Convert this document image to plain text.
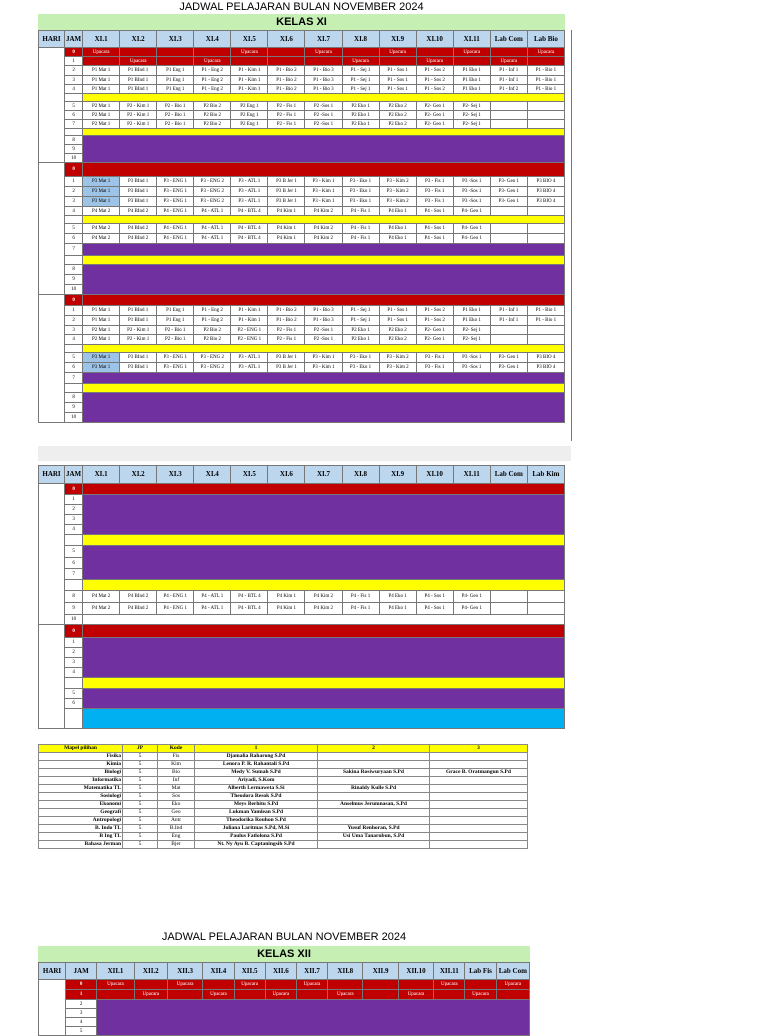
JADWAL PELAJARAN BULAN NOVEMBER 2024
KELAS XI
HARI	JAM	XI.1	XI.2	XI.3	XI.4	XI.5	XI.6	XI.7	XI.8	XI.9	XI.10	XI.11	Lab Com	Lab Bio
	0	Upacara				Upacara		Upacara		Upacara		Upacara		Upacara
	1		Upacara		Upacara				Upacara		Upacara		Upacara	
	2	P1 Mat 1	P1 BInd 1	P1 Eng 1	P1 - Eng 2	P1 - Kim 1	P1 - Bio 2	P1 - Bio 3	P1 - Sej 1	P1 - Sos 1	P1 - Sos 2	P1 Eko 1	P1 - Inf 1	P1 - Bio 1
	3	P1 Mat 1	P1 BInd 1	P1 Eng 1	P1 - Eng 2	P1 - Kim 1	P1 - Bio 2	P1 - Bio 3	P1 - Sej 1	P1 - Sos 1	P1 - Sos 2	P1 Eko 1	P1 - Inf 1	P1 - Bio 1
	4	P1 Mat 1	P1 BInd 1	P1 Eng 1	P1 - Eng 2	P1 - Kim 1	P1 - Bio 2	P1 - Bio 3	P1 - Sej 1	P1 - Sos 1	P1 - Sos 2	P1 Eko 1	P1 - Inf 2	P1 - Bio 1

	5	P2 Mat 1	P2 - Kim 1	P2 - Bio 1	P2 Bio 2	P2 Eng 1	P2 - Fis 1	P2 -Sos 1	P2 Eko 1	P2 Eko 2	P2- Geo 1	P2- Sej 1		
	6	P2 Mat 1	P2 - Kim 1	P2 - Bio 1	P2 Bio 2	P2 Eng 1	P2 - Fis 1	P2 -Sos 1	P2 Eko 1	P2 Eko 2	P2- Geo 1	P2- Sej 1		
	7	P2 Mat 1	P2 - Kim 1	P2 - Bio 1	P2 Bio 2	P2 Eng 1	P2 - Fis 1	P2 -Sos 1	P2 Eko 1	P2 Eko 2	P2- Geo 1	P2- Sej 1		

	8													
	9													
	10													
	0													
	1	P3 Mat 1	P3 BInd 1	P3 - ENG 1	P3 - ENG 2	P3 - ATL 1	P3 B Jer 1	P3 - Kim 1	P3 - Eko 1	P3 - Kim 2	P3 - Fis 1	P3 -Sos 1	P3- Geo 1	P3 BIO 4
	2	P3 Mat 1	P3 BInd 1	P3 - ENG 1	P3 - ENG 2	P3 - ATL 1	P3 B Jer 1	P3 - Kim 1	P3 - Eko 1	P3 - Kim 2	P3 - Fis 1	P3 -Sos 1	P3- Geo 1	P3 BIO 4
	3	P3 Mat 1	P3 BInd 1	P3 - ENG 1	P3 - ENG 2	P3 - ATL 1	P3 B Jer 1	P3 - Kim 1	P3 - Eko 1	P3 - Kim 2	P3 - Fis 1	P3 -Sos 1	P3- Geo 1	P3 BIO 4
	4	P4 Mat 2	P4 BInd 2	P4 - ENG 1	P4 - ATL 1	P4 - BTL 4	P4 Kim 1	P4 Kim 2	P4 - Fis 1	P4 Eko 1	P4 - Sos 1	P4- Geo 1		

	5	P4 Mat 2	P4 BInd 2	P4 - ENG 1	P4 - ATL 1	P4 - BTL 4	P4 Kim 1	P4 Kim 2	P4 - Fis 1	P4 Eko 1	P4 - Sos 1	P4- Geo 1		
	6	P4 Mat 2	P4 BInd 2	P4 - ENG 1	P4 - ATL 1	P4 - BTL 4	P4 Kim 1	P4 Kim 2	P4 - Fis 1	P4 Eko 1	P4 - Sos 1	P4- Geo 1		
	7													

	8													
	9													
	10													
	0													
	1	P1 Mat 1	P1 BInd 1	P1 Eng 1	P1 - Eng 2	P1 - Kim 1	P1 - Bio 2	P1 - Bio 3	P1 - Sej 1	P1 - Sos 1	P1 - Sos 2	P1 Eko 1	P1 - Inf 1	P1 - Bio 1
	2	P1 Mat 1	P1 BInd 1	P1 Eng 1	P1 - Eng 2	P1 - Kim 1	P1 - Bio 2	P1 - Bio 3	P1 - Sej 1	P1 - Sos 1	P1 - Sos 2	P1 Eko 1	P1 - Inf 1	P1 - Bio 1
	3	P2 Mat 1	P2 - Kim 1	P2 - Bio 1	P2 Bio 2	P2 - ENG 1	P2 - Fis 1	P2 -Sos 1	P2 Eko 1	P2 Eko 2	P2- Geo 1	P2- Sej 1		
	4	P2 Mat 1	P2 - Kim 1	P2 - Bio 1	P2 Bio 2	P2 - ENG 1	P2 - Fis 1	P2 -Sos 1	P2 Eko 1	P2 Eko 2	P2- Geo 1	P2- Sej 1		

	5	P3 Mat 1	P3 BInd 1	P3 - ENG 1	P3 - ENG 2	P3 - ATL 1	P3 B Jer 1	P3 - Kim 1	P3 - Eko 1	P3 - Kim 2	P3 - Fis 1	P3 -Sos 1	P3- Geo 1	P3 BIO 4
	6	P3 Mat 1	P3 BInd 1	P3 - ENG 1	P3 - ENG 2	P3 - ATL 1	P3 B Jer 1	P3 - Kim 1	P3 - Eko 1	P3 - Kim 2	P3 - Fis 1	P3 -Sos 1	P3- Geo 1	P3 BIO 4
	7													

	8													
	9													
	10													
HARI	JAM	XI.1	XI.2	XI.3	XI.4	XI.5	XI.6	XI.7	XI.8	XI.9	XI.10	XI.11	Lab Com	Lab Kim
	0													
	1													
	2													
	3													
	4													

	5													
	6													
	7													

	8	P4 Mat 2	P4 BInd 2	P4 - ENG 1	P4 - ATL 1	P4 - BTL 4	P4 Kim 1	P4 Kim 2	P4 - Fis 1	P4 Eko 1	P4 - Sos 1	P4- Geo 1		
	9	P4 Mat 2	P4 BInd 2	P4 - ENG 1	P4 - ATL 1	P4 - BTL 4	P4 Kim 1	P4 Kim 2	P4 - Fis 1	P4 Eko 1	P4 - Sos 1	P4- Geo 1		
	10													
	0													
	1													
	2													
	3													
	4													

	5													
	6													

Mapel pilihan	JP	Kode	1	2	3
Fisika	5	Fis	Djamalia Raharong S.Pd		
Kimia	5	Kim	Lenora P. R. Rahantali S.Pd		
Biologi	5	Bio	Medy V. Sumah S.Pd	Sakina Rosiwuryaan S.Pd	Grace B. Oratmangun S.Pd
Informatika	5	Inf	Ariyadi, S.Kom		
Matematika TL	5	Mat	Alberth Lermaweta S.Si	Rinaldy Kulle S.Pd	
Sosiologi	5	Sos	Theodora Resok S.Pd		
Ekonomi	5	Eko	Meys Berhitu S.Pd	Anselmus Jerumnasan, S.Pd	
Geografi	5	Geo	Lukman Yamlean S.Pd		
Antropologi	5	Antr	Theodorika Rouhon S.Pd		
B. Indo TL	5	B.Ind	Juliana Laritmas S.Pd, M.Si	Yusuf Renhoran, S.Pd	
B Ing TL	5	Eng	Paulus Fatlolona S.Pd	Usi Uma Tanarubun, S.Pd	
Bahasa Jerman	5	Bjer	Nt. Ny Ayu B. Captaningsih S.Pd		
JADWAL PELAJARAN BULAN NOVEMBER 2024
KELAS XII
HARI	JAM	XII.1	XII.2	XII.3	XII.4	XII.5	XII.6	XII.7	XII.8	XII.9	XII.10	XII.11	Lab Fis	Lab Com
	0	Upacara		Upacara		Upacara		Upacara				Upacara		Upacara
	1		Upacara		Upacara		Upacara		Upacara		Upacara		Upacara	
	2													
	3													
	4													
	5													
